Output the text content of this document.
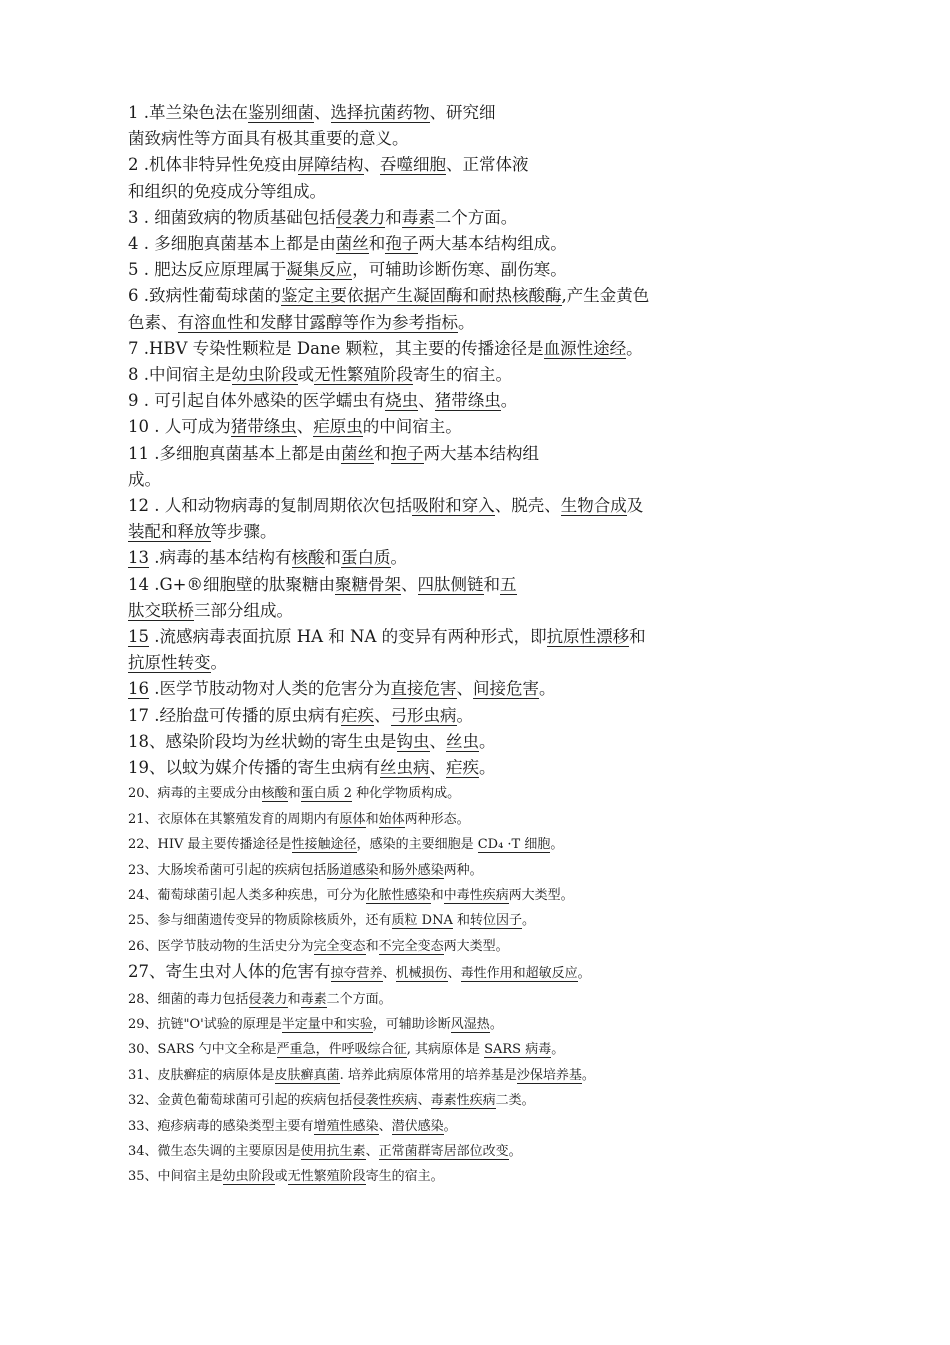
1 .革兰染色法在鉴别细菌、选择抗菌药物、研究细
菌致病性等方面具有极其重要的意义。
2 .机体非特异性免疫由屏障结构、吞噬细胞、正常体液
和组织的免疫成分等组成。
3 . 细菌致病的物质基础包括侵袭力和毒素二个方面。
4 . 多细胞真菌基本上都是由菌丝和孢子两大基本结构组成。
5 . 肥达反应原理属于凝集反应，可辅助诊断伤寒、副伤寒。
6 .致病性葡萄球菌的鉴定主要依据产生凝固酶和耐热核酸酶,产生金黄色
色素、有溶血性和发酵甘露醇等作为参考指标。
7 .HBV 专染性颗粒是 Dane 颗粒，其主要的传播途径是血源性途经。
8 .中间宿主是幼虫阶段或无性繁殖阶段寄生的宿主。
9 . 可引起自体外感染的医学蠕虫有烧虫、猪带绦虫。
10 . 人可成为猪带绦虫、疟原虫的中间宿主。
11 .多细胞真菌基本上都是由菌丝和抱子两大基本结构组
成。
12 . 人和动物病毒的复制周期依次包括吸附和穿入、脱壳、生物合成及
装配和释放等步骤。
13 .病毒的基本结构有核酸和蛋白质。
14 .G+®细胞壁的肽聚糖由聚糖骨架、四肽侧链和五
肽交联桥三部分组成。
15 .流感病毒表面抗原 HA 和 NA 的变异有两种形式，即抗原性漂移和
抗原性转变。
16 .医学节肢动物对人类的危害分为直接危害、间接危害。
17 .经胎盘可传播的原虫病有疟疾、弓形虫病。
18、感染阶段均为丝状蚴的寄生虫是钩虫、丝虫。
19、以蚊为媒介传播的寄生虫病有丝虫病、疟疾。
20、病毒的主要成分由核酸和蛋白质 2 种化学物质构成。
21、衣原体在其繁殖发育的周期内有原体和始体两种形态。
22、HIV 最主要传播途径是性接触途径，感染的主要细胞是 CD₄ ·T 细胞。
23、大肠埃希菌可引起的疾病包括肠道感染和肠外感染两种。
24、葡萄球菌引起人类多种疾患，可分为化脓性感染和中毒性疾病两大类型。
25、参与细菌遗传变异的物质除核质外，还有质粒 DNA 和转位因子。
26、医学节肢动物的生活史分为完全变态和不完全变态两大类型。
27、寄生虫对人体的危害有掠夺营养、机械损伤、毒性作用和超敏反应。
28、细菌的毒力包括侵袭力和毒素二个方面。
29、抗链"O'试验的原理是半定量中和实验，可辅助诊断风湿热。
30、SARS 勺中文全称是严重急，件呼吸综合征, 其病原体是 SARS 病毒。
31、皮肤癣症的病原体是皮肤癣真菌. 培养此病原体常用的培养基是沙保培养基。
32、金黄色葡萄球菌可引起的疾病包括侵袭性疾病、毒素性疾病二类。
33、疱疹病毒的感染类型主要有增殖性感染、潜伏感染。
34、微生态失调的主要原因是使用抗生素、正常菌群寄居部位改变。
35、中间宿主是幼虫阶段或无性繁殖阶段寄生的宿主。
